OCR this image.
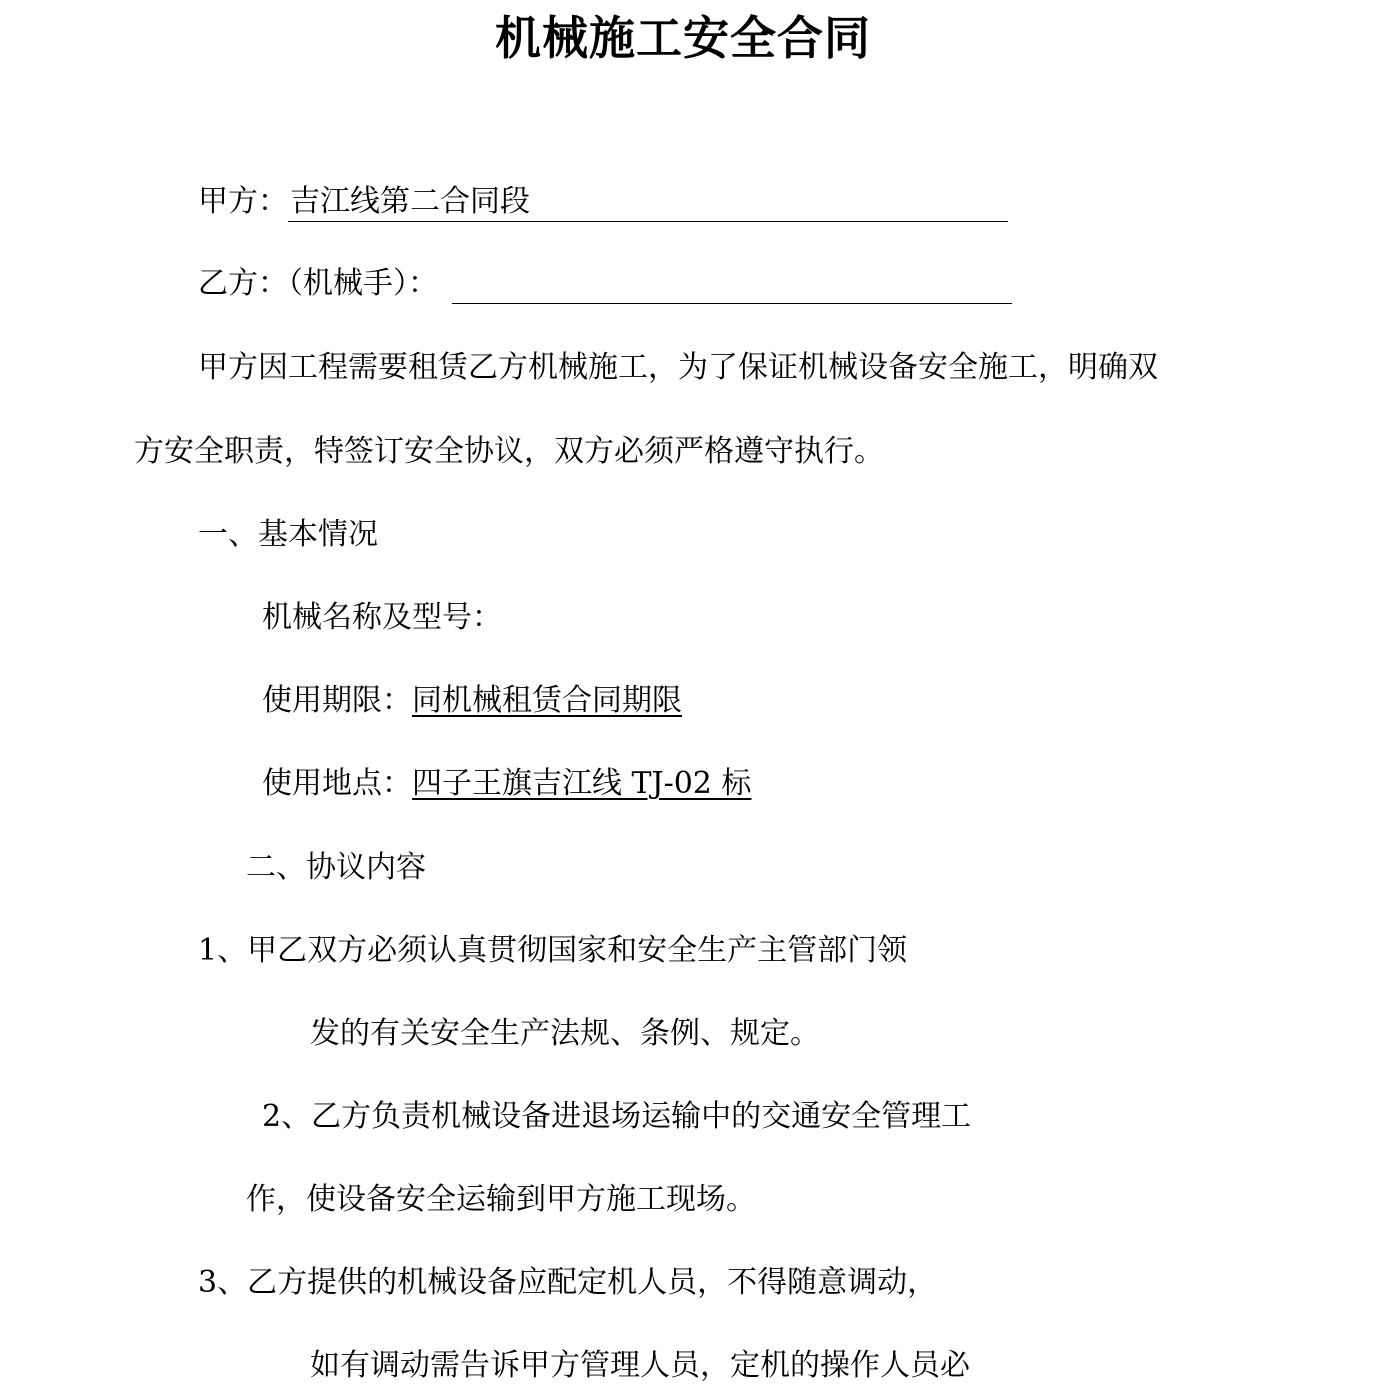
机械施工安全合同
甲方： 吉江线第二合同段
乙方：（机械手）：
甲方因工程需要租赁乙方机械施工，为了保证机械设备安全施工，明确双
方安全职责，特签订安全协议，双方必须严格遵守执行。
一、基本情况
机械名称及型号：
使用期限：同机械租赁合同期限
使用地点：四子王旗吉江线 TJ-02 标
二、协议内容
1、甲乙双方必须认真贯彻国家和安全生产主管部门领
发的有关安全生产法规、条例、规定。
2、乙方负责机械设备进退场运输中的交通安全管理工
作，使设备安全运输到甲方施工现场。
3、乙方提供的机械设备应配定机人员，不得随意调动，
如有调动需告诉甲方管理人员，定机的操作人员必
